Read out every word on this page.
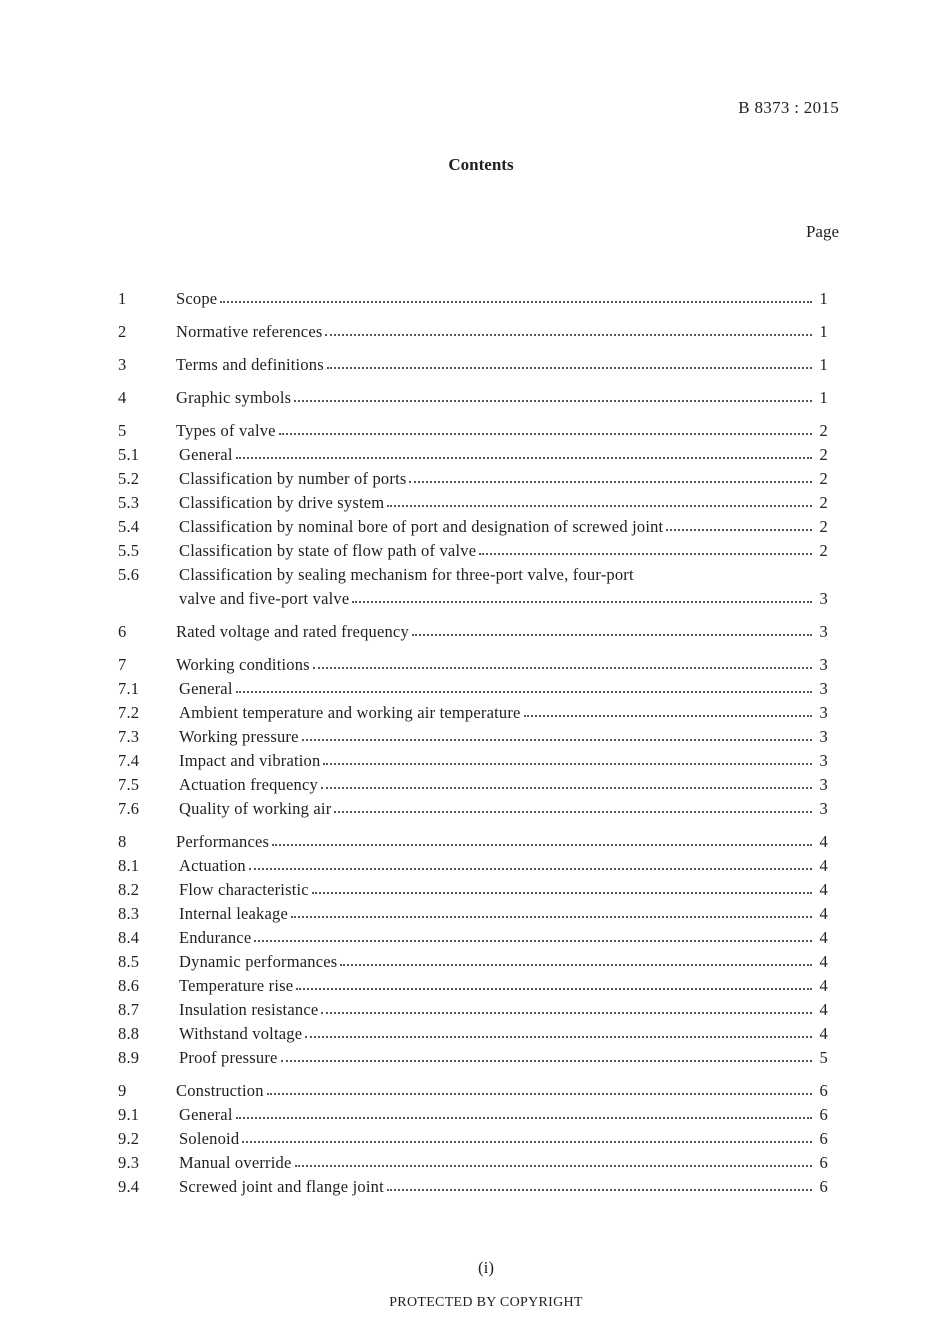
B 8373 : 2015
Contents
Page
1	Scope	1
2	Normative references	1
3	Terms and definitions	1
4	Graphic symbols	1
5	Types of valve	2
5.1	General	2
5.2	Classification by number of ports	2
5.3	Classification by drive system	2
5.4	Classification by nominal bore of port and designation of screwed joint	2
5.5	Classification by state of flow path of valve	2
5.6	Classification by sealing mechanism for three-port valve, four-port
valve and five-port valve	3
6	Rated voltage and rated frequency	3
7	Working conditions	3
7.1	General	3
7.2	Ambient temperature and working air temperature	3
7.3	Working pressure	3
7.4	Impact and vibration	3
7.5	Actuation frequency	3
7.6	Quality of working air	3
8	Performances	4
8.1	Actuation	4
8.2	Flow characteristic	4
8.3	Internal leakage	4
8.4	Endurance	4
8.5	Dynamic performances	4
8.6	Temperature rise	4
8.7	Insulation resistance	4
8.8	Withstand voltage	4
8.9	Proof pressure	5
9	Construction	6
9.1	General	6
9.2	Solenoid	6
9.3	Manual override	6
9.4	Screwed joint and flange joint	6
(i)
PROTECTED BY COPYRIGHT
